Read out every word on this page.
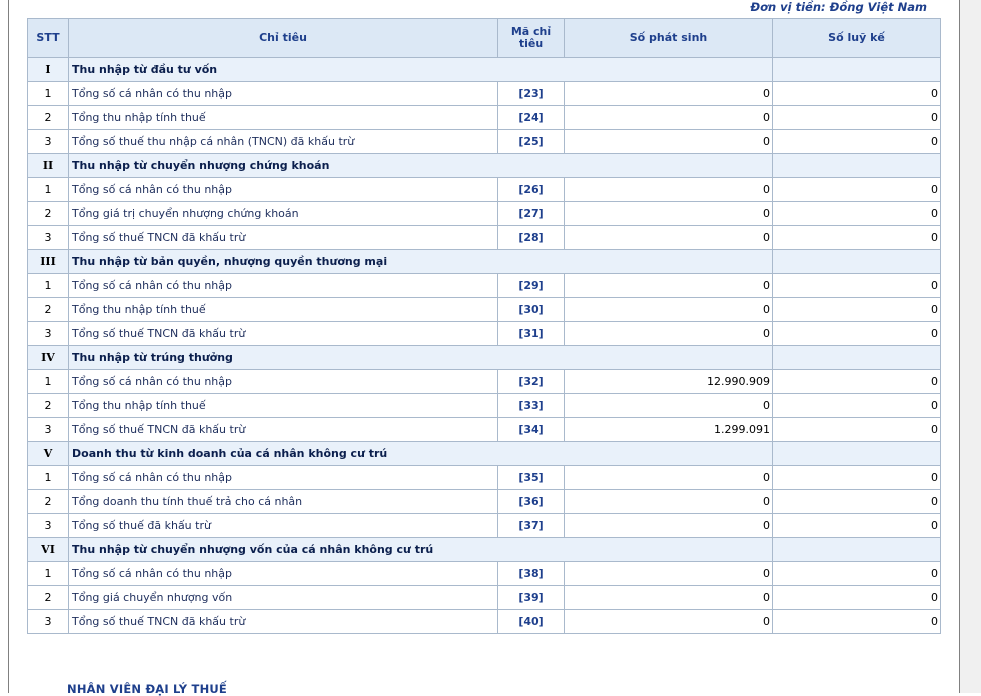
Đơn vị tiền: Đồng Việt Nam
STT	Chỉ tiêu	Mã chỉ tiêu	Số phát sinh	Số luỹ kế
I	Thu nhập từ đầu tư vốn			
1	Tổng số cá nhân có thu nhập	[23]	0	0
2	Tổng thu nhập tính thuế	[24]	0	0
3	Tổng số thuế thu nhập cá nhân (TNCN) đã khấu trừ	[25]	0	0
II	Thu nhập từ chuyển nhượng chứng khoán			
1	Tổng số cá nhân có thu nhập	[26]	0	0
2	Tổng giá trị chuyển nhượng chứng khoán	[27]	0	0
3	Tổng số thuế TNCN đã khấu trừ	[28]	0	0
III	Thu nhập từ bản quyền, nhượng quyền thương mại			
1	Tổng số cá nhân có thu nhập	[29]	0	0
2	Tổng thu nhập tính thuế	[30]	0	0
3	Tổng số thuế TNCN đã khấu trừ	[31]	0	0
IV	Thu nhập từ trúng thưởng			
1	Tổng số cá nhân có thu nhập	[32]	12.990.909	0
2	Tổng thu nhập tính thuế	[33]	0	0
3	Tổng số thuế TNCN đã khấu trừ	[34]	1.299.091	0
V	Doanh thu từ kinh doanh của cá nhân không cư trú			
1	Tổng số cá nhân có thu nhập	[35]	0	0
2	Tổng doanh thu tính thuế trả cho cá nhân	[36]	0	0
3	Tổng số thuế đã khấu trừ	[37]	0	0
VI	Thu nhập từ chuyển nhượng vốn của cá nhân không cư trú			
1	Tổng số cá nhân có thu nhập	[38]	0	0
2	Tổng giá chuyển nhượng vốn	[39]	0	0
3	Tổng số thuế TNCN đã khấu trừ	[40]	0	0
NHÂN VIÊN ĐẠI LÝ THUẾ
